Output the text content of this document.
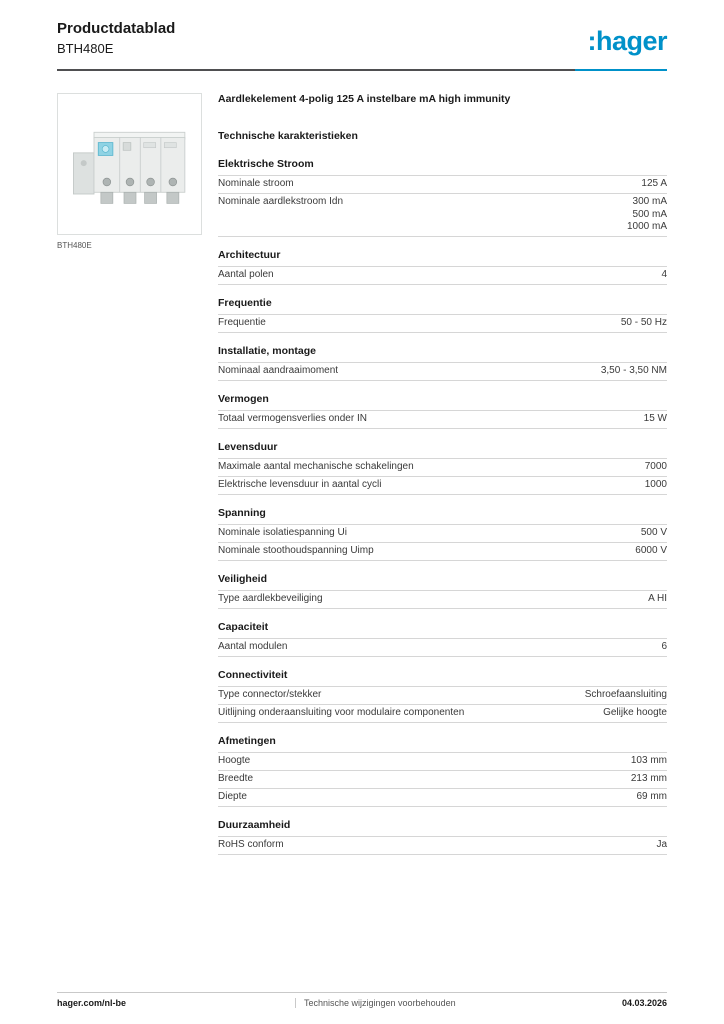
Productdatablad
BTH480E	:hager
BTH480E
Aardlekelement 4-polig 125 A instelbare mA high immunity
Technische karakteristieken
Elektrische Stroom
Nominale stroom	125 A
Nominale aardlekstroom Idn	300 mA
500 mA
1000 mA
Architectuur
Aantal polen	4
Frequentie
Frequentie	50 - 50 Hz
Installatie, montage
Nominaal aandraaimoment	3,50 - 3,50 NM
Vermogen
Totaal vermogensverlies onder IN	15 W
Levensduur
Maximale aantal mechanische schakelingen	7000
Elektrische levensduur in aantal cycli	1000
Spanning
Nominale isolatiespanning Ui	500 V
Nominale stoothoudspanning Uimp	6000 V
Veiligheid
Type aardlekbeveiliging	A HI
Capaciteit
Aantal modulen	6
Connectiviteit
Type connector/stekker	Schroefaansluiting
Uitlijning onderaansluiting voor modulaire componenten	Gelijke hoogte
Afmetingen
Hoogte	103 mm
Breedte	213 mm
Diepte	69 mm
Duurzaamheid
RoHS conform	Ja
hager.com/nl-be	Technische wijzigingen voorbehouden	04.03.2026
